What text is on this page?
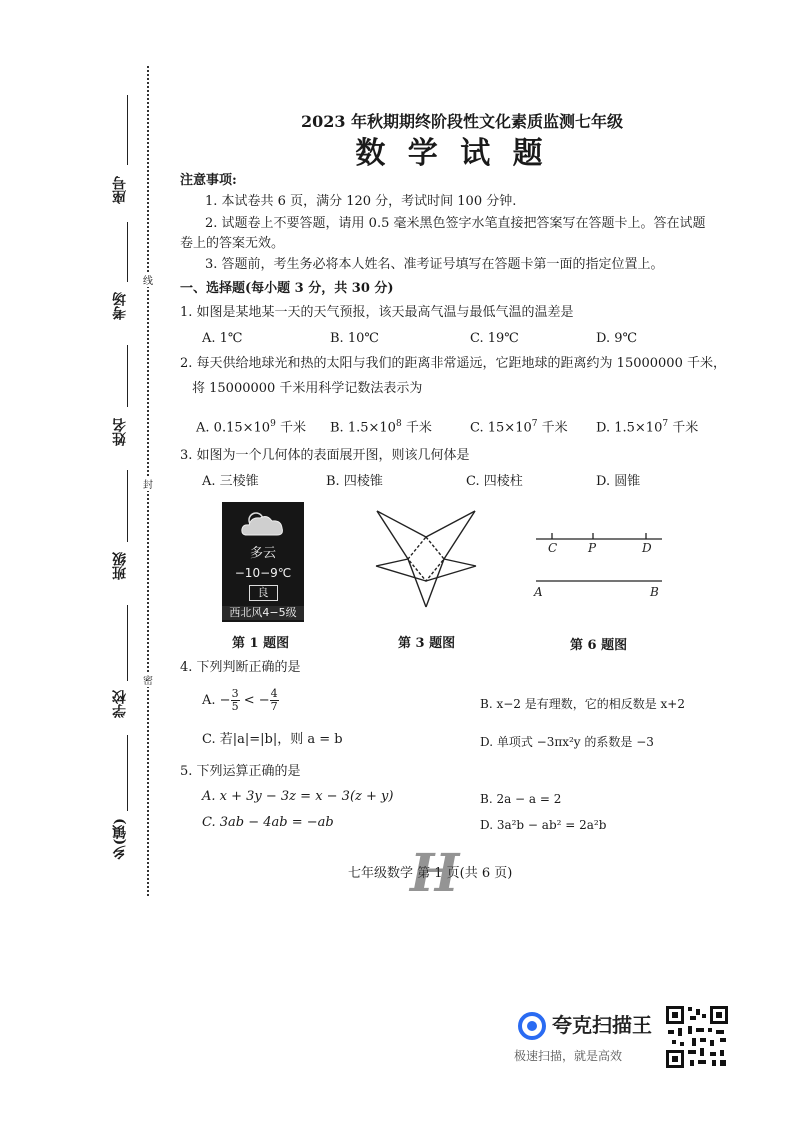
座号
考场
姓名
班级
学校
乡(镇)
线
封
密
2023 年秋期期终阶段性文化素质监测七年级
数 学 试 题
注意事项:
1. 本试卷共 6 页，满分 120 分，考试时间 100 分钟.
2. 试题卷上不要答题，请用 0.5 毫米黑色签字水笔直接把答案写在答题卡上。答在试题
卷上的答案无效。
3. 答题前，考生务必将本人姓名、准考证号填写在答题卡第一面的指定位置上。
一、选择题(每小题 3 分，共 30 分)
1. 如图是某地某一天的天气预报，该天最高气温与最低气温的温差是
A. 1℃	B. 10℃	C. 19℃	D. 9℃
2. 每天供给地球光和热的太阳与我们的距离非常遥远，它距地球的距离约为 15000000 千米，
将 15000000 千米用科学记数法表示为
A. $0.15\times 10^9$ 千米 B. $1.5\times 10^8$ 千米	C. $15\times 10^7$ 千米 D. $1.5\times 10^7$ 千米
3. 如图为一个几何体的表面展开图，则该几何体是
A. 三棱锥	B. 四棱锥	C. 四棱柱	D. 圆锥
多云
−10−9℃
良
西北风4−5级
C	P	D
A	B
第 1 题图	第 3 题图	第 6 题图
4. 下列判断正确的是
A. − $\frac{3}{5}$ < − $\frac{4}{7}$	B. x−2 是有理数，它的相反数是 x+2
C. 若|a|=|b|，则 a = b	D. 单项式 −3πx²y 的系数是 −3
5. 下列运算正确的是
A. x + 3y − 3z = x − 3(z + y)	B. 2a − a = 2
C. 3ab − 4ab = −ab	D. 3a²b − ab² = 2a²b
七年级数学 第 1 页(共 6 页)
H
夸克扫描王
极速扫描，就是高效
